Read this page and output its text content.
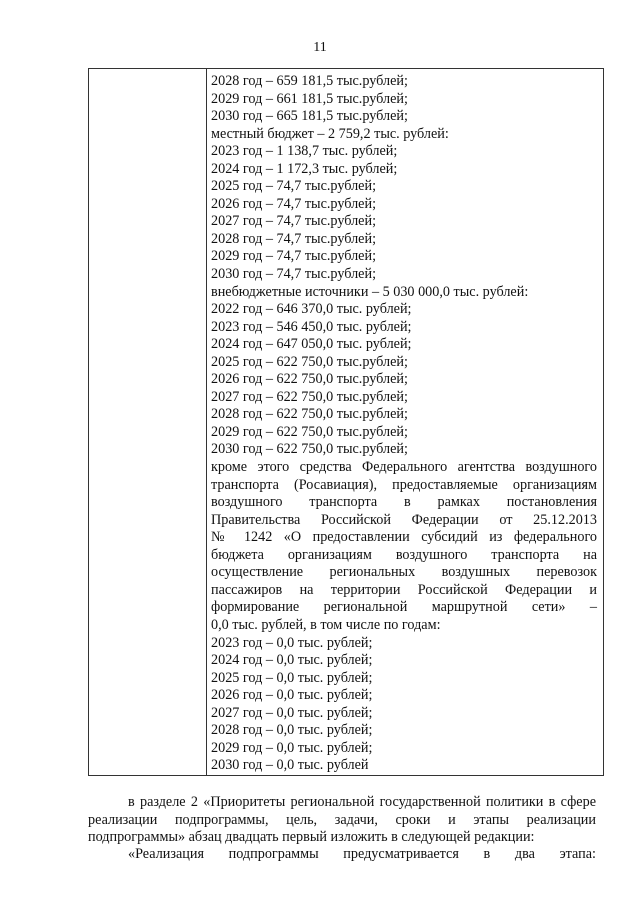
11
2028 год – 659 181,5 тыс.рублей;
2029 год – 661 181,5 тыс.рублей;
2030 год – 665 181,5 тыс.рублей;
местный бюджет – 2 759,2 тыс. рублей:
2023 год – 1 138,7 тыс. рублей;
2024 год – 1 172,3 тыс. рублей;
2025 год – 74,7 тыс.рублей;
2026 год – 74,7 тыс.рублей;
2027 год – 74,7 тыс.рублей;
2028 год – 74,7 тыс.рублей;
2029 год – 74,7 тыс.рублей;
2030 год – 74,7 тыс.рублей;
внебюджетные источники – 5 030 000,0 тыс. рублей:
2022 год – 646 370,0 тыс. рублей;
2023 год – 546 450,0 тыс. рублей;
2024 год – 647 050,0 тыс. рублей;
2025 год – 622 750,0 тыс.рублей;
2026 год – 622 750,0 тыс.рублей;
2027 год – 622 750,0 тыс.рублей;
2028 год – 622 750,0 тыс.рублей;
2029 год – 622 750,0 тыс.рублей;
2030 год – 622 750,0 тыс.рублей;
кроме этого средства Федерального агентства воздушного
транспорта (Росавиация), предоставляемые организациям
воздушного транспорта в рамках постановления
Правительства Российской Федерации от 25.12.2013
№ 1242 «О предоставлении субсидий из федерального
бюджета организациям воздушного транспорта на
осуществление региональных воздушных перевозок
пассажиров на территории Российской Федерации и
формирование региональной маршрутной сети» –
0,0 тыс. рублей, в том числе по годам:
2023 год – 0,0 тыс. рублей;
2024 год – 0,0 тыс. рублей;
2025 год – 0,0 тыс. рублей;
2026 год – 0,0 тыс. рублей;
2027 год – 0,0 тыс. рублей;
2028 год – 0,0 тыс. рублей;
2029 год – 0,0 тыс. рублей;
2030 год – 0,0 тыс. рублей
в разделе 2 «Приоритеты региональной государственной политики в сфере реализации подпрограммы, цель, задачи, сроки и этапы реализации подпрограммы» абзац двадцать первый изложить в следующей редакции:
«Реализация подпрограммы предусматривается в два этапа:
